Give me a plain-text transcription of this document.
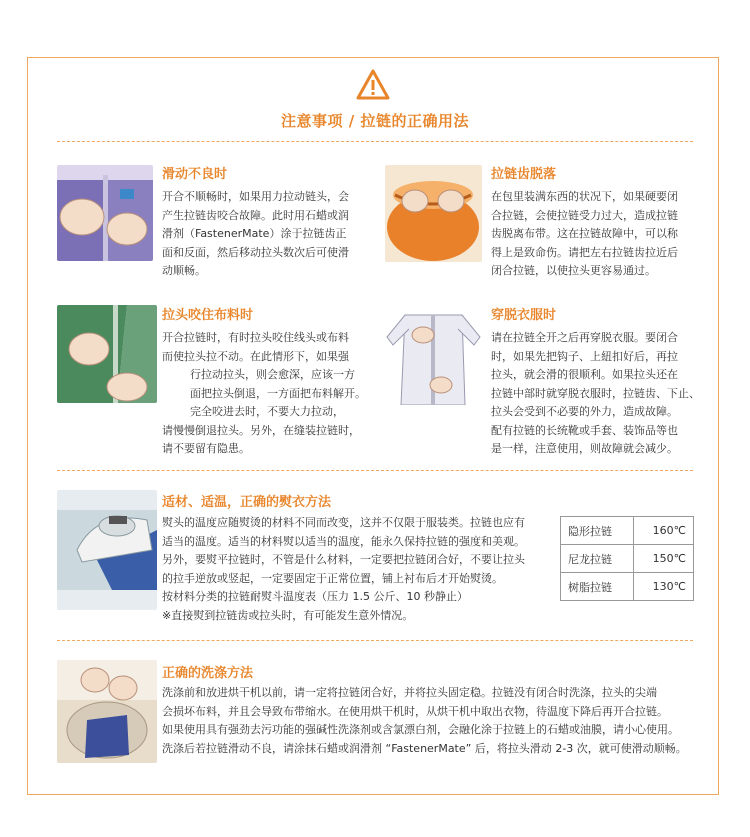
注意事项 / 拉链的正确用法
滑动不良时

开合不顺畅时，如果用力拉动链头，会

产生拉链齿咬合故障。此时用石蜡或润

滑剂（FastenerMate）涂于拉链齿正

面和反面，然后移动拉头数次后可使滑

动顺畅。

拉链齿脱落

在包里装满东西的状况下，如果硬要闭

合拉链，会使拉链受力过大，造成拉链

齿脱离布带。这在拉链故障中，可以称

得上是致命伤。请把左右拉链齿拉近后

闭合拉链，以使拉头更容易通过。

拉头咬住布料时

开合拉链时，有时拉头咬住线头或布料

而使拉头拉不动。在此情形下，如果强

行拉动拉头，则会愈深，应该一方

面把拉头倒退，一方面把布料解开。

完全咬进去时，不要大力拉动，

请慢慢倒退拉头。另外，在缝装拉链时，

请不要留有隐患。

穿脱衣服时

请在拉链全开之后再穿脱衣服。要闭合

时，如果先把钩子、上紐扣好后，再拉

拉头，就会滑的很顺利。如果拉头还在

拉链中部时就穿脱衣服时，拉链齿、下止、

拉头会受到不必要的外力，造成故障。

配有拉链的长统靴或手套、装饰品等也

是一样，注意使用，则故障就会减少。

适材、适温，正确的熨衣方法

熨头的温度应随熨烫的材料不同而改变，这并不仅限于服装类。拉链也应有

适当的温度。适当的材料熨以适当的温度，能永久保持拉链的强度和美观。

另外，要熨平拉链时，不管是什么材料，一定要把拉链闭合好，不要让拉头

的拉手逆放或竖起，一定要固定于正常位置，铺上衬布后才开始熨烫。

按材料分类的拉链耐熨斗温度表（压力 1.5 公斤、10 秒静止）

※直接熨到拉链齿或拉头时，有可能发生意外情况。

隐形拉链	160℃
尼龙拉链	150℃
树脂拉链	130℃
正确的洗涤方法

洗涤前和放进烘干机以前，请一定将拉链闭合好，并将拉头固定稳。拉链没有闭合时洗涤，拉头的尖端

会损坏布料，并且会导致布带缩水。在使用烘干机时，从烘干机中取出衣物，待温度下降后再开合拉链。

如果使用具有强劲去污功能的强碱性洗涤剂或含氯漂白剂，会融化涂于拉链上的石蜡或油膜，请小心使用。

洗涤后若拉链滑动不良，请涂抹石蜡或润滑剂 “FastenerMate” 后，将拉头滑动 2-3 次，就可使滑动顺畅。
